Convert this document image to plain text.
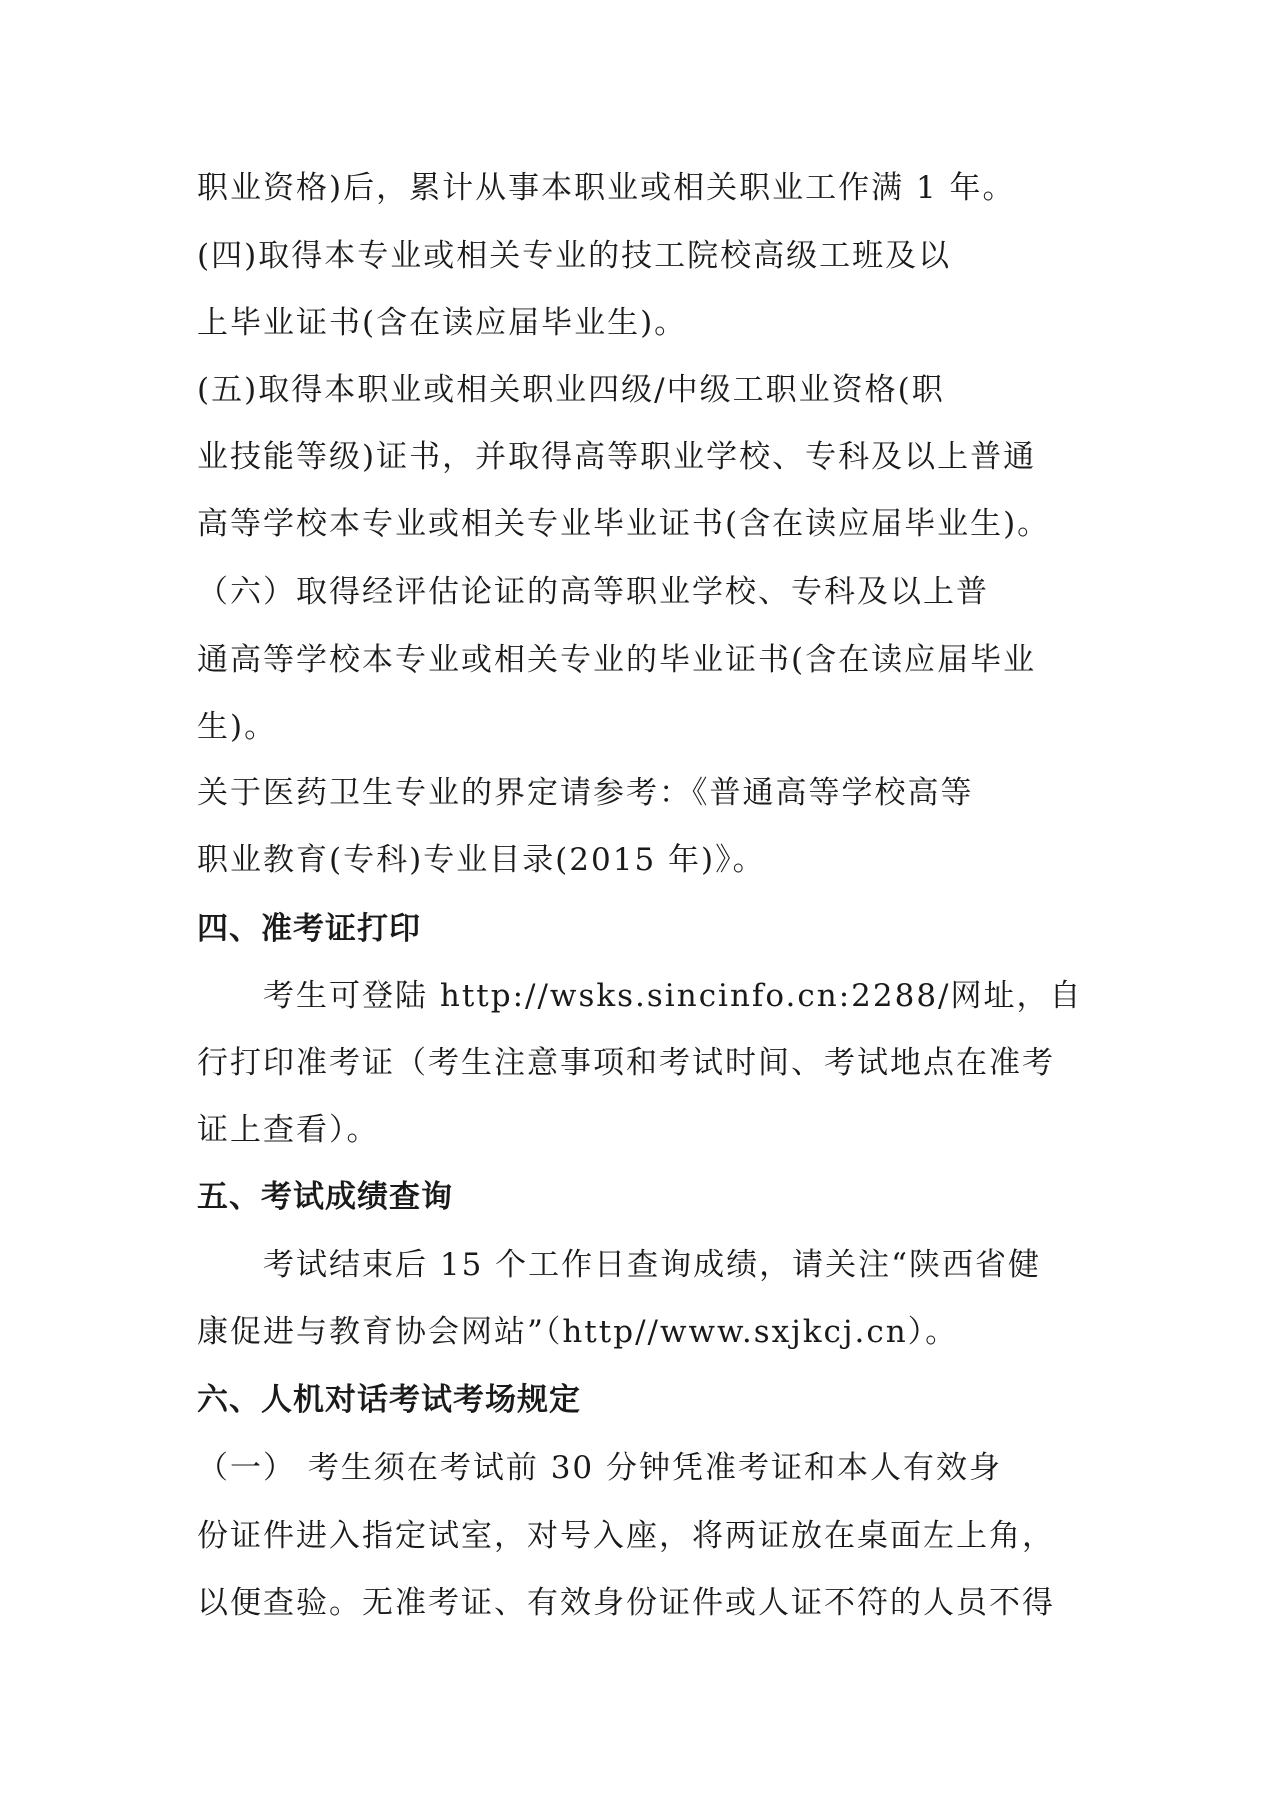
职业资格)后，累计从事本职业或相关职业工作满 1 年。
(四)取得本专业或相关专业的技工院校高级工班及以
上毕业证书(含在读应届毕业生)。
(五)取得本职业或相关职业四级/中级工职业资格(职
业技能等级)证书，并取得高等职业学校、专科及以上普通
高等学校本专业或相关专业毕业证书(含在读应届毕业生)。
（六）取得经评估论证的高等职业学校、专科及以上普
通高等学校本专业或相关专业的毕业证书(含在读应届毕业
生)。
关于医药卫生专业的界定请参考：《普通高等学校高等
职业教育(专科)专业目录(2015 年)》。
四、准考证打印
考生可登陆 http://wsks.sincinfo.cn:2288/网址，自
行打印准考证（考生注意事项和考试时间、考试地点在准考
证上查看）。
五、考试成绩查询
考试结束后 15 个工作日查询成绩，请关注“陕西省健
康促进与教育协会网站”（http//www.sxjkcj.cn）。
六、人机对话考试考场规定
（一） 考生须在考试前 30 分钟凭准考证和本人有效身
份证件进入指定试室，对号入座，将两证放在桌面左上角，
以便查验。无准考证、有效身份证件或人证不符的人员不得
